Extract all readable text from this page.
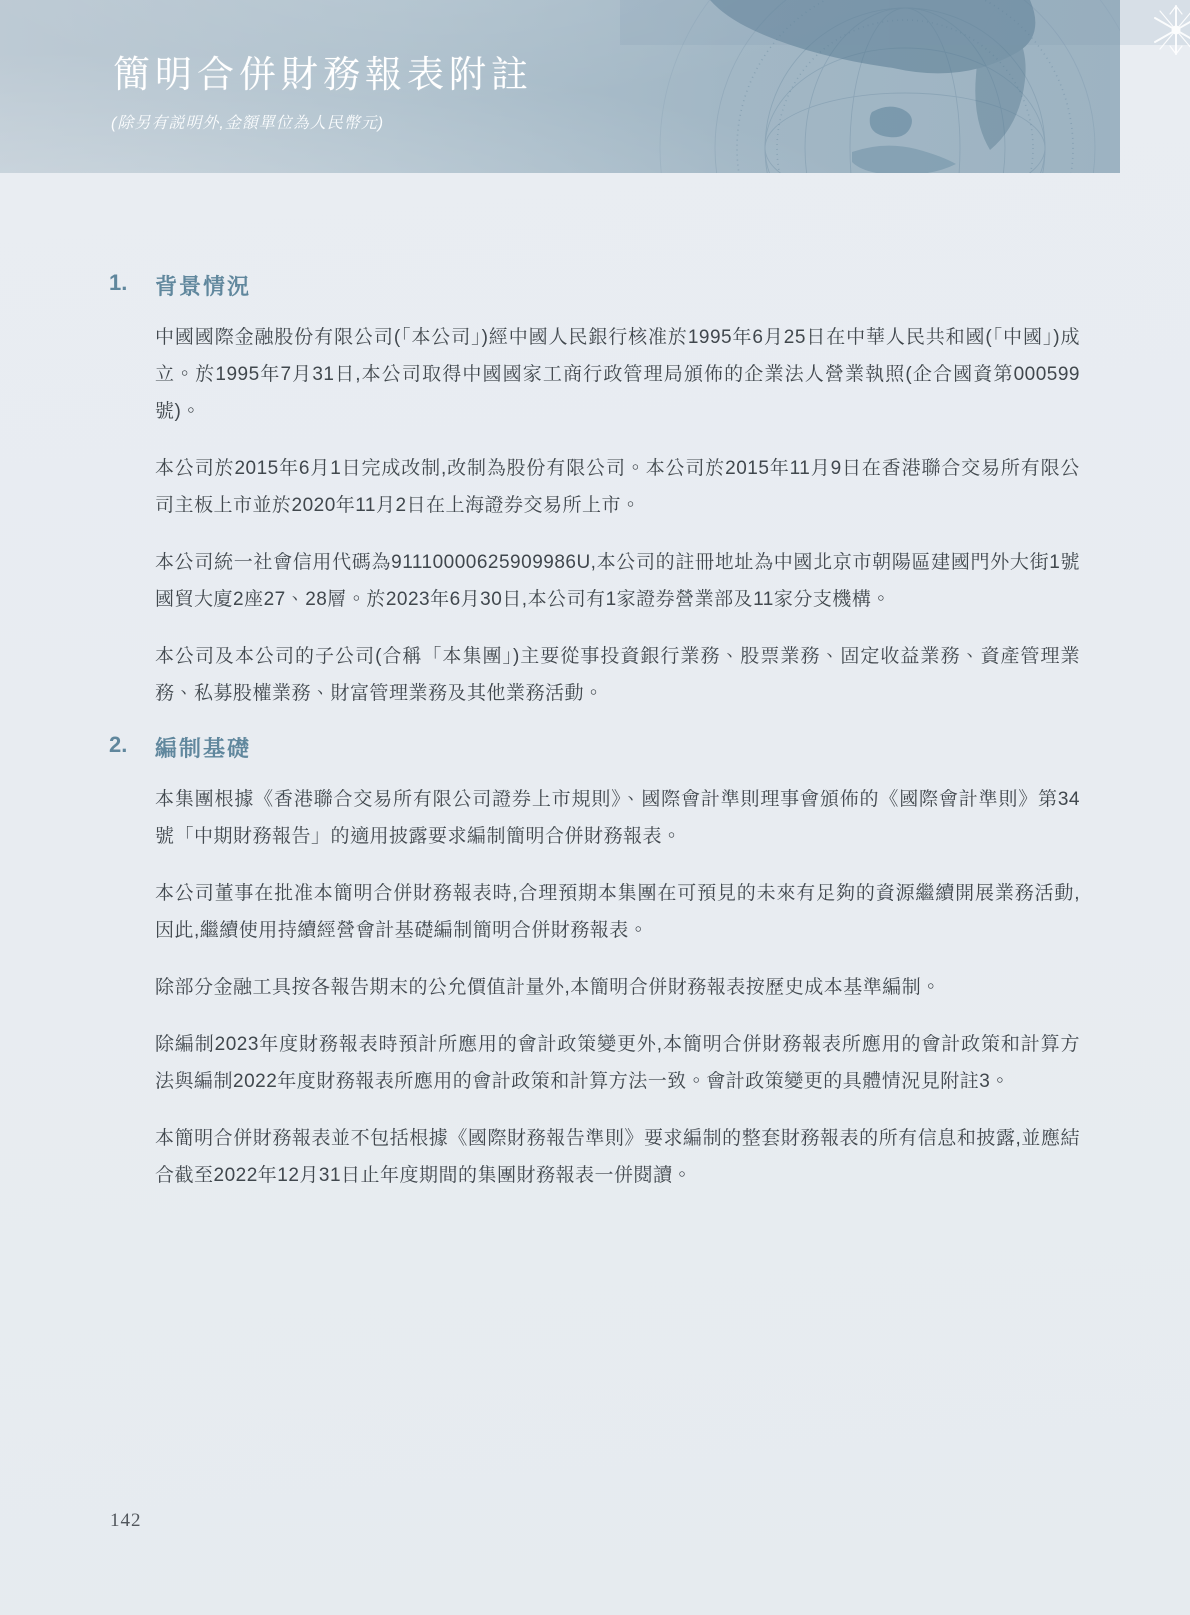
簡明合併財務報表附註
(除另有説明外,金額單位為人民幣元)
1. 背景情況

中國國際金融股份有限公司(「本公司」)經中國人民銀行核准於1995年6月25日在中華人民共和國(「中國」)成立。於1995年7月31日,本公司取得中國國家工商行政管理局頒佈的企業法人營業執照(企合國資第000599號)。

本公司於2015年6月1日完成改制,改制為股份有限公司。本公司於2015年11月9日在香港聯合交易所有限公司主板上市並於2020年11月2日在上海證券交易所上市。

本公司統一社會信用代碼為91110000625909986U,本公司的註冊地址為中國北京市朝陽區建國門外大街1號國貿大廈2座27、28層。於2023年6月30日,本公司有1家證券營業部及11家分支機構。

本公司及本公司的子公司(合稱「本集團」)主要從事投資銀行業務、股票業務、固定收益業務、資產管理業務、私募股權業務、財富管理業務及其他業務活動。

2. 編制基礎

本集團根據《香港聯合交易所有限公司證券上市規則》、國際會計準則理事會頒佈的《國際會計準則》第34號「中期財務報告」的適用披露要求編制簡明合併財務報表。

本公司董事在批准本簡明合併財務報表時,合理預期本集團在可預見的未來有足夠的資源繼續開展業務活動,因此,繼續使用持續經營會計基礎編制簡明合併財務報表。

除部分金融工具按各報告期末的公允價值計量外,本簡明合併財務報表按歷史成本基準編制。

除編制2023年度財務報表時預計所應用的會計政策變更外,本簡明合併財務報表所應用的會計政策和計算方法與編制2022年度財務報表所應用的會計政策和計算方法一致。會計政策變更的具體情況見附註3。

本簡明合併財務報表並不包括根據《國際財務報告準則》要求編制的整套財務報表的所有信息和披露,並應結合截至2022年12月31日止年度期間的集團財務報表一併閱讀。

142
